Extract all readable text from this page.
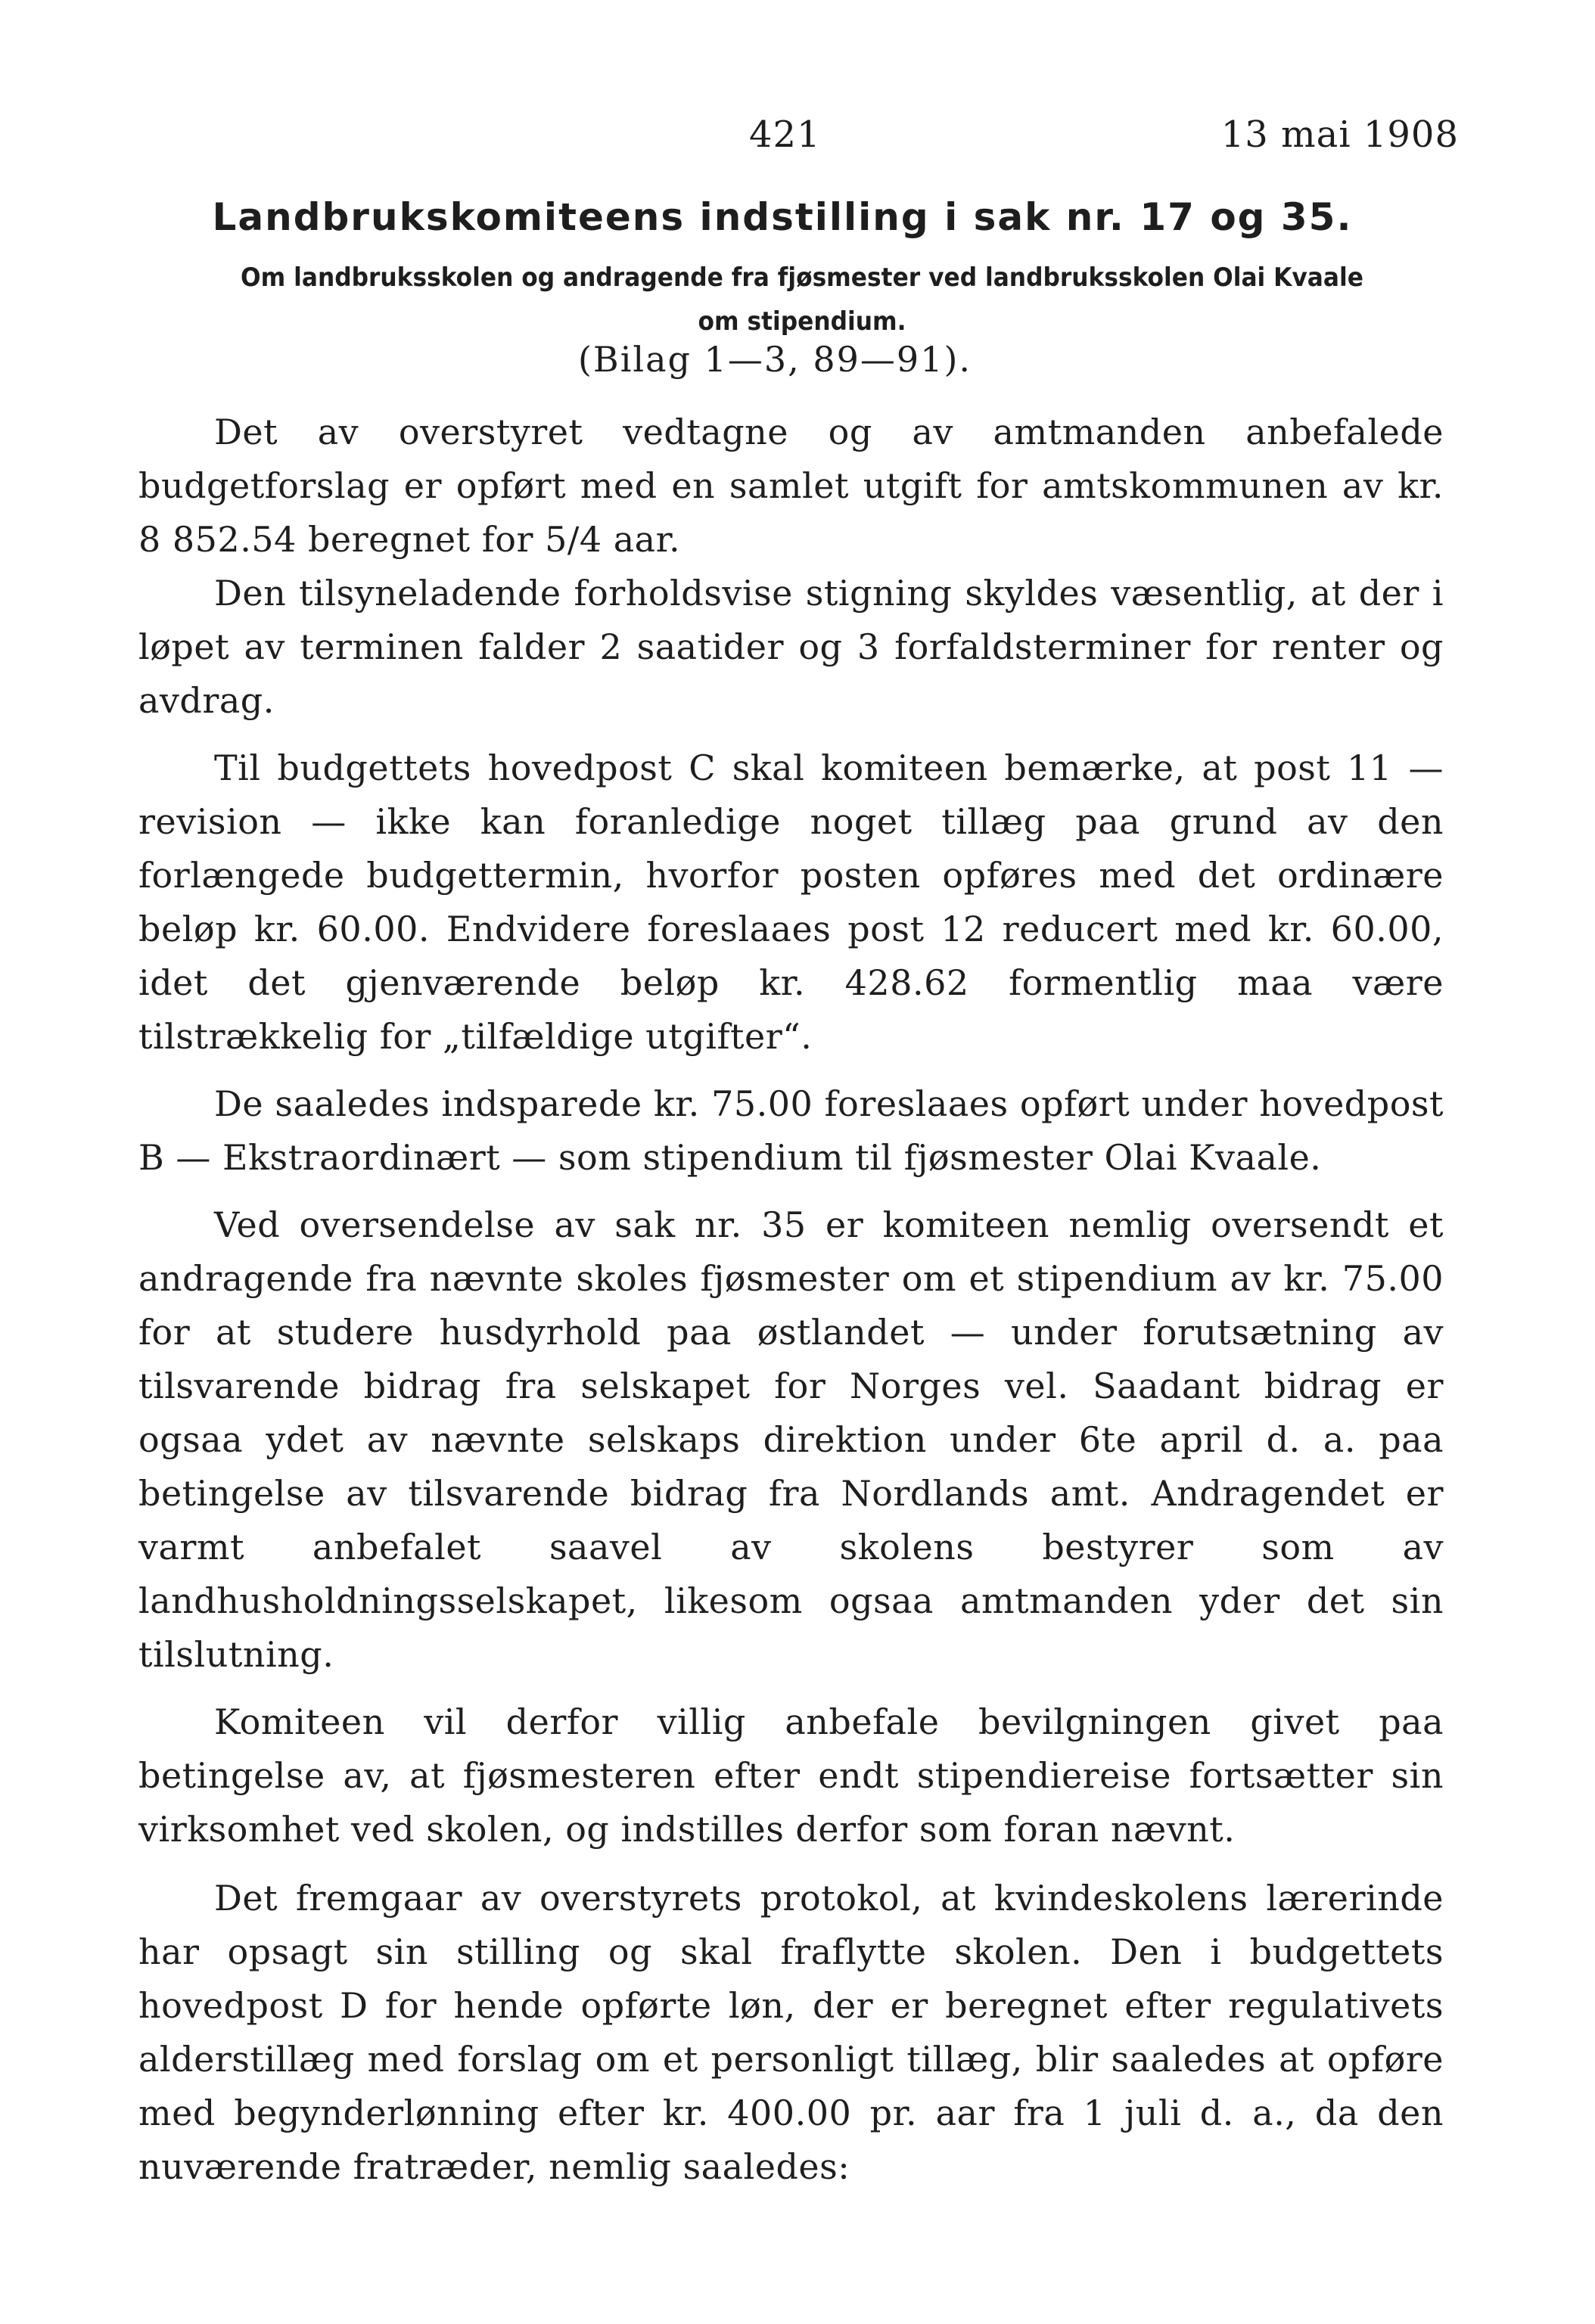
421	13 mai 1908
Landbrukskomiteens indstilling i sak nr. 17 og 35.
Om landbruksskolen og andragende fra fjøsmester ved landbruksskolen Olai Kvaale om stipendium.
(Bilag 1—3, 89—91).

Det av overstyret vedtagne og av amtmanden anbefalede budgetforslag er opført med en samlet utgift for amtskommunen av kr. 8 852.54 beregnet for 5/4 aar.

Den tilsyneladende forholdsvise stigning skyldes væsentlig, at der i løpet av terminen falder 2 saatider og 3 forfaldsterminer for renter og avdrag.

Til budgettets hovedpost C skal komiteen bemærke, at post 11 — revision — ikke kan foranledige noget tillæg paa grund av den forlængede budgettermin, hvorfor posten opføres med det ordinære beløp kr. 60.00. Endvidere foreslaaes post 12 reducert med kr. 60.00, idet det gjenværende beløp kr. 428.62 formentlig maa være tilstrækkelig for „tilfældige utgifter“.

De saaledes indsparede kr. 75.00 foreslaaes opført under hovedpost B — Ekstraordinært — som stipendium til fjøsmester Olai Kvaale.

Ved oversendelse av sak nr. 35 er komiteen nemlig oversendt et andragende fra nævnte skoles fjøsmester om et stipendium av kr. 75.00 for at studere husdyrhold paa østlandet — under forutsætning av tilsvarende bidrag fra selskapet for Norges vel. Saadant bidrag er ogsaa ydet av nævnte selskaps direktion under 6te april d. a. paa betingelse av tilsvarende bidrag fra Nordlands amt. Andragendet er varmt anbefalet saavel av skolens bestyrer som av landhusholdningsselskapet, likesom ogsaa amtmanden yder det sin tilslutning.

Komiteen vil derfor villig anbefale bevilgningen givet paa betingelse av, at fjøsmesteren efter endt stipendiereise fortsætter sin virksomhet ved skolen, og indstilles derfor som foran nævnt.

Det fremgaar av overstyrets protokol, at kvindeskolens lærerinde har opsagt sin stilling og skal fraflytte skolen. Den i budgettets hovedpost D for hende opførte løn, der er beregnet efter regulativets alderstillæg med forslag om et personligt tillæg, blir saaledes at opføre med begynderlønning efter kr. 400.00 pr. aar fra 1 juli d. a., da den nuværende fratræder, nemlig saaledes:
